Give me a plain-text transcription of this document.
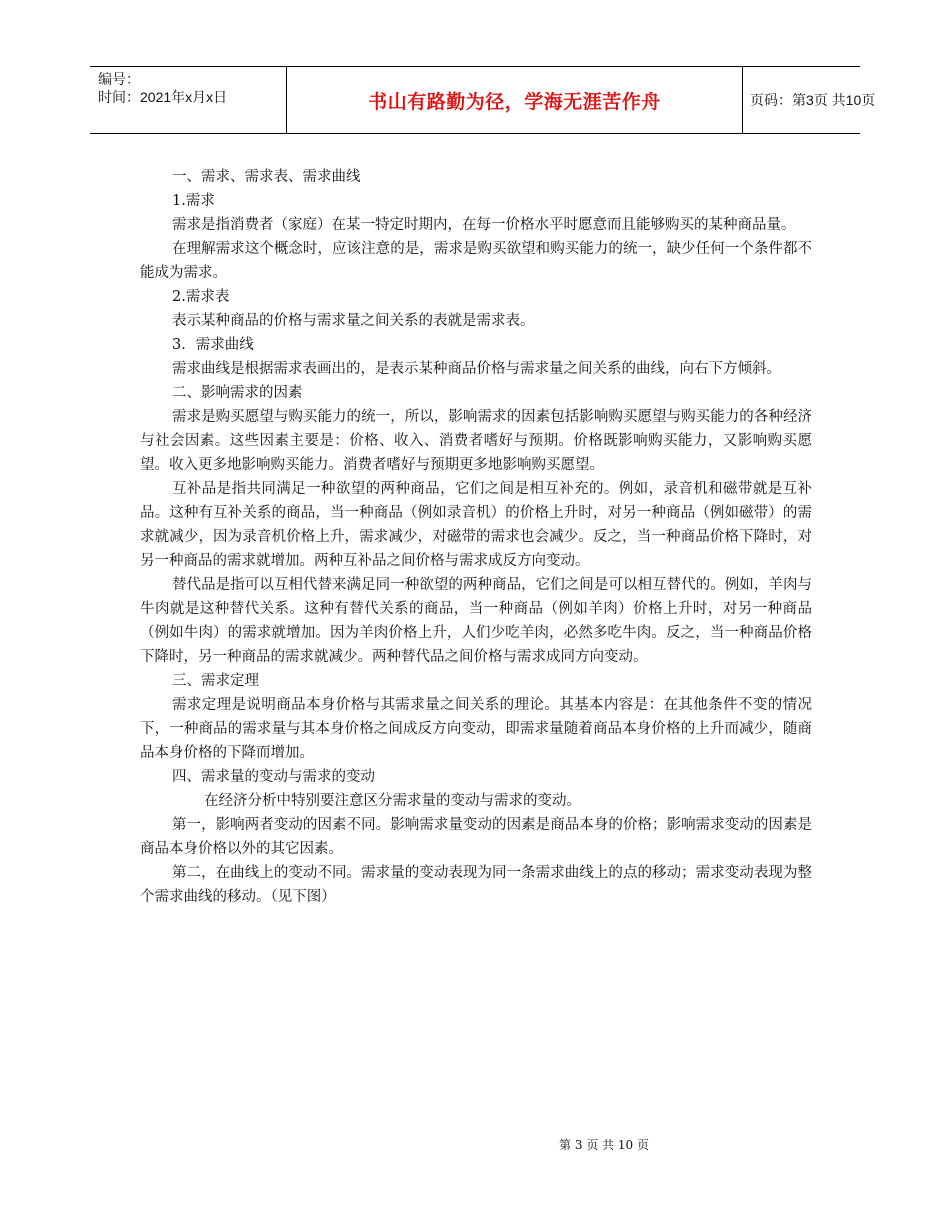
编号：
时间：2021年x月x日	书山有路勤为径，学海无涯苦作舟	页码：第3页 共10页

一、需求、需求表、需求曲线

1.需求

需求是指消费者（家庭）在某一特定时期内，在每一价格水平时愿意而且能够购买的某种商品量。

在理解需求这个概念时，应该注意的是，需求是购买欲望和购买能力的统一，缺少任何一个条件都不能成为需求。

2.需求表

表示某种商品的价格与需求量之间关系的表就是需求表。

3．需求曲线

需求曲线是根据需求表画出的，是表示某种商品价格与需求量之间关系的曲线，向右下方倾斜。

二、影响需求的因素

需求是购买愿望与购买能力的统一，所以，影响需求的因素包括影响购买愿望与购买能力的各种经济与社会因素。这些因素主要是：价格、收入、消费者嗜好与预期。价格既影响购买能力，又影响购买愿望。收入更多地影响购买能力。消费者嗜好与预期更多地影响购买愿望。

互补品是指共同满足一种欲望的两种商品，它们之间是相互补充的。例如，录音机和磁带就是互补品。这种有互补关系的商品，当一种商品（例如录音机）的价格上升时，对另一种商品（例如磁带）的需求就减少，因为录音机价格上升，需求减少，对磁带的需求也会减少。反之，当一种商品价格下降时，对另一种商品的需求就增加。两种互补品之间价格与需求成反方向变动。

替代品是指可以互相代替来满足同一种欲望的两种商品，它们之间是可以相互替代的。例如，羊肉与牛肉就是这种替代关系。这种有替代关系的商品，当一种商品（例如羊肉）价格上升时，对另一种商品（例如牛肉）的需求就增加。因为羊肉价格上升，人们少吃羊肉，必然多吃牛肉。反之，当一种商品价格下降时，另一种商品的需求就减少。两种替代品之间价格与需求成同方向变动。

三、需求定理

需求定理是说明商品本身价格与其需求量之间关系的理论。其基本内容是：在其他条件不变的情况下，一种商品的需求量与其本身价格之间成反方向变动，即需求量随着商品本身价格的上升而减少，随商品本身价格的下降而增加。

四、需求量的变动与需求的变动

在经济分析中特别要注意区分需求量的变动与需求的变动。

第一，影响两者变动的因素不同。影响需求量变动的因素是商品本身的价格；影响需求变动的因素是商品本身价格以外的其它因素。

第二，在曲线上的变动不同。需求量的变动表现为同一条需求曲线上的点的移动；需求变动表现为整个需求曲线的移动。（见下图）

第 3 页 共 10 页
